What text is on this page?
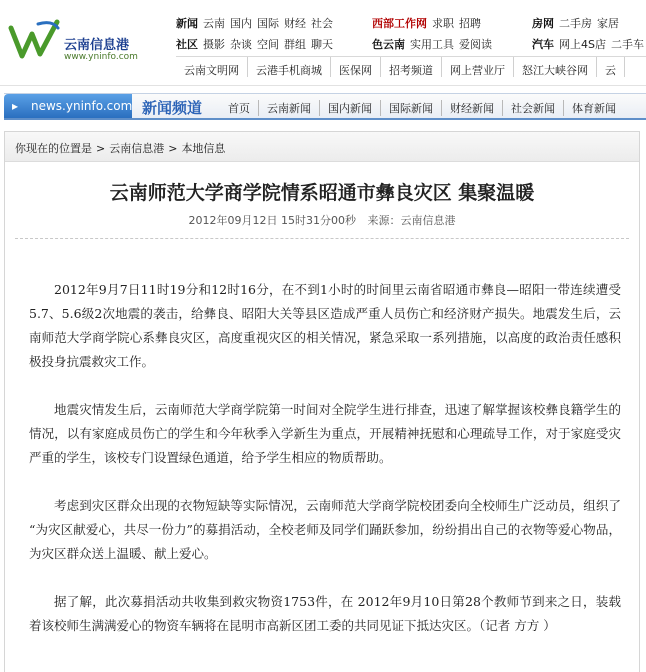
云南信息港
www.yninfo.com
新闻 云南 国内 国际 财经 社会
社区 摄影 杂谈 空间 群组 聊天
西部工作网 求职 招聘
色云南 实用工具 爱阅读
房网 二手房 家居
汽车 网上4S店 二手车
云南文明网 云港手机商城 医保网 招考频道 网上营业厅 怒江大峡谷网 云
▸ news.yninfo.com 新闻频道	首页 云南新闻 国内新闻 国际新闻 财经新闻 社会新闻 体育新闻
你现在的位置是 > 云南信息港 > 本地信息
云南师范大学商学院情系昭通市彝良灾区 集聚温暖
2012年09月12日 15时31分00秒 来源：云南信息港

2012年9月7日11时19分和12时16分，在不到1小时的时间里云南省昭通市彝良—昭阳一带连续遭受5.7、5.6级2次地震的袭击，给彝良、昭阳大关等县区造成严重人员伤亡和经济财产损失。地震发生后，云南师范大学商学院心系彝良灾区，高度重视灾区的相关情况，紧急采取一系列措施，以高度的政治责任感积极投身抗震救灾工作。

地震灾情发生后，云南师范大学商学院第一时间对全院学生进行排查，迅速了解掌握该校彝良籍学生的情况，以有家庭成员伤亡的学生和今年秋季入学新生为重点，开展精神抚慰和心理疏导工作，对于家庭受灾严重的学生，该校专门设置绿色通道，给予学生相应的物质帮助。

考虑到灾区群众出现的衣物短缺等实际情况，云南师范大学商学院校团委向全校师生广泛动员，组织了 “为灾区献爱心，共尽一份力”的募捐活动，全校老师及同学们踊跃参加，纷纷捐出自己的衣物等爱心物品，为灾区群众送上温暖、献上爱心。

据了解，此次募捐活动共收集到救灾物资1753件，在 2012年9月10日第28个教师节到来之日，装载着该校师生满满爱心的物资车辆将在昆明市高新区团工委的共同见证下抵达灾区。（记者 方方 ）
